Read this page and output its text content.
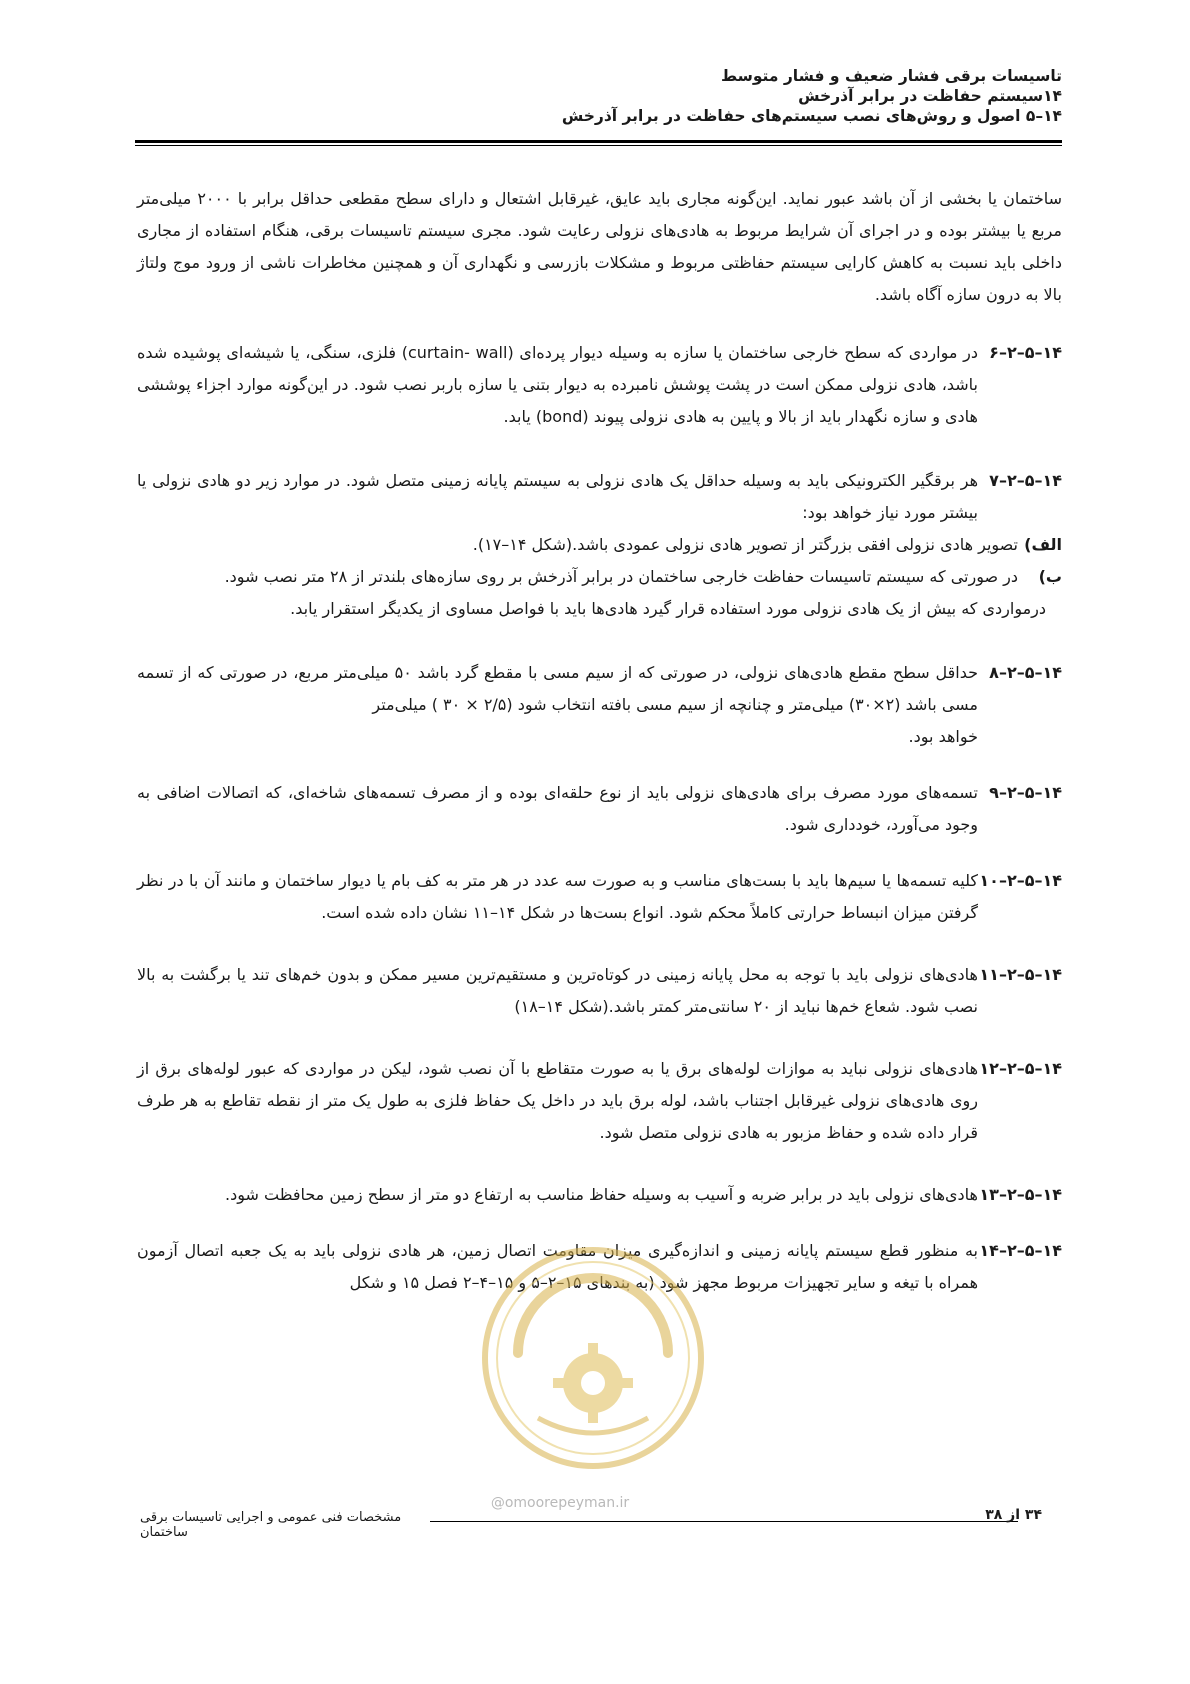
تاسیسات برقی فشار ضعیف و فشار متوسط
۱۴سیستم حفاظت در برابر آذرخش
۱۴–۵ اصول و روش‌های نصب سیستم‌های حفاظت در برابر آذرخش

ساختمان یا بخشی از آن باشد عبور نماید. این‌گونه مجاری باید عایق، غیرقابل اشتعال و دارای سطح مقطعی حداقل برابر با ۲۰۰۰ میلی‌متر مربع یا بیشتر بوده و در اجرای آن شرایط مربوط به هادی‌های نزولی رعایت شود. مجری سیستم تاسیسات برقی، هنگام استفاده از مجاری داخلی باید نسبت به کاهش کارایی سیستم حفاظتی مربوط و مشکلات بازرسی و نگهداری آن و همچنین مخاطرات ناشی از ورود موج ولتاژ بالا به درون سازه آگاه باشد.

۱۴–۵–۲–۶
در مواردی که سطح خارجی ساختمان یا سازه به وسیله دیوار پرده‌ای (curtain- wall) فلزی، سنگی، یا شیشه‌ای پوشیده شده باشد، هادی نزولی ممکن است در پشت پوشش نامبرده به دیوار بتنی یا سازه باربر نصب شود. در این‌گونه موارد اجزاء پوششی هادی و سازه نگهدار باید از بالا و پایین به هادی نزولی پیوند (bond) یابد.
۱۴–۵–۲–۷
هر برقگیر الکترونیکی باید به وسیله حداقل یک هادی نزولی به سیستم پایانه زمینی متصل شود. در موارد زیر دو هادی نزولی یا بیشتر مورد نیاز خواهد بود:
الف)
تصویر هادی نزولی افقی بزرگتر از تصویر هادی نزولی عمودی باشد.(شکل ۱۴–۱۷).
ب)
در صورتی که سیستم تاسیسات حفاظت خارجی ساختمان در برابر آذرخش بر روی سازه‌های بلندتر از ۲۸ متر نصب شود.
درمواردی که بیش از یک هادی نزولی مورد استفاده قرار گیرد هادی‌ها باید با فواصل مساوی از یکدیگر استقرار یابد.
۱۴–۵–۲–۸
حداقل سطح مقطع هادی‌های نزولی، در صورتی که از سیم مسی با مقطع گرد باشد ۵۰ میلی‌متر مربع، در صورتی که از تسمه مسی باشد (۲×۳۰) میلی‌متر و چنانچه از سیم مسی بافته انتخاب شود (۲/۵ × ۳۰ ) میلی‌متر
خواهد بود.
۱۴–۵–۲–۹
تسمه‌های مورد مصرف برای هادی‌های نزولی باید از نوع حلقه‌ای بوده و از مصرف تسمه‌های شاخه‌ای، که اتصالات اضافی به وجود می‌آورد، خودداری شود.
۱۴–۵–۲–۱۰
کلیه تسمه‌ها یا سیم‌ها باید با بست‌های مناسب و به صورت سه عدد در هر متر به کف بام یا دیوار ساختمان و مانند آن با در نظر گرفتن میزان انبساط حرارتی کاملاً محکم شود. انواع بست‌ها در شکل ۱۴–۱۱ نشان داده شده است.
۱۴–۵–۲–۱۱
هادی‌های نزولی باید با توجه به محل پایانه زمینی در کوتاه‌ترین و مستقیم‌ترین مسیر ممکن و بدون خم‌های تند یا برگشت به بالا نصب شود. شعاع خم‌ها نباید از ۲۰ سانتی‌متر کمتر باشد.(شکل ۱۴–۱۸)
۱۴–۵–۲–۱۲
هادی‌های نزولی نباید به موازات لوله‌های برق یا به صورت متقاطع با آن نصب شود، لیکن در مواردی که عبور لوله‌های برق از روی هادی‌های نزولی غیرقابل اجتناب باشد، لوله برق باید در داخل یک حفاظ فلزی به طول یک متر از نقطه تقاطع به هر طرف قرار داده شده و حفاظ مزبور به هادی نزولی متصل شود.
۱۴–۵–۲–۱۳
هادی‌های نزولی باید در برابر ضربه و آسیب به وسیله حفاظ مناسب به ارتفاع دو متر از سطح زمین محافظت شود.
۱۴–۵–۲–۱۴
به منظور قطع سیستم پایانه زمینی و اندازه‌گیری میزان مقاومت اتصال زمین، هر هادی نزولی باید به یک جعبه اتصال آزمون همراه با تیغه و سایر تجهیزات مربوط مجهز شود (به بندهای ۱۵–۲–۵ و ۱۵–۴–۲ فصل ۱۵ و شکل
@omoorepeyman.ir
۳۴ از ۳۸
مشخصات فنی عمومی و اجرایی تاسیسات برقی ساختمان
